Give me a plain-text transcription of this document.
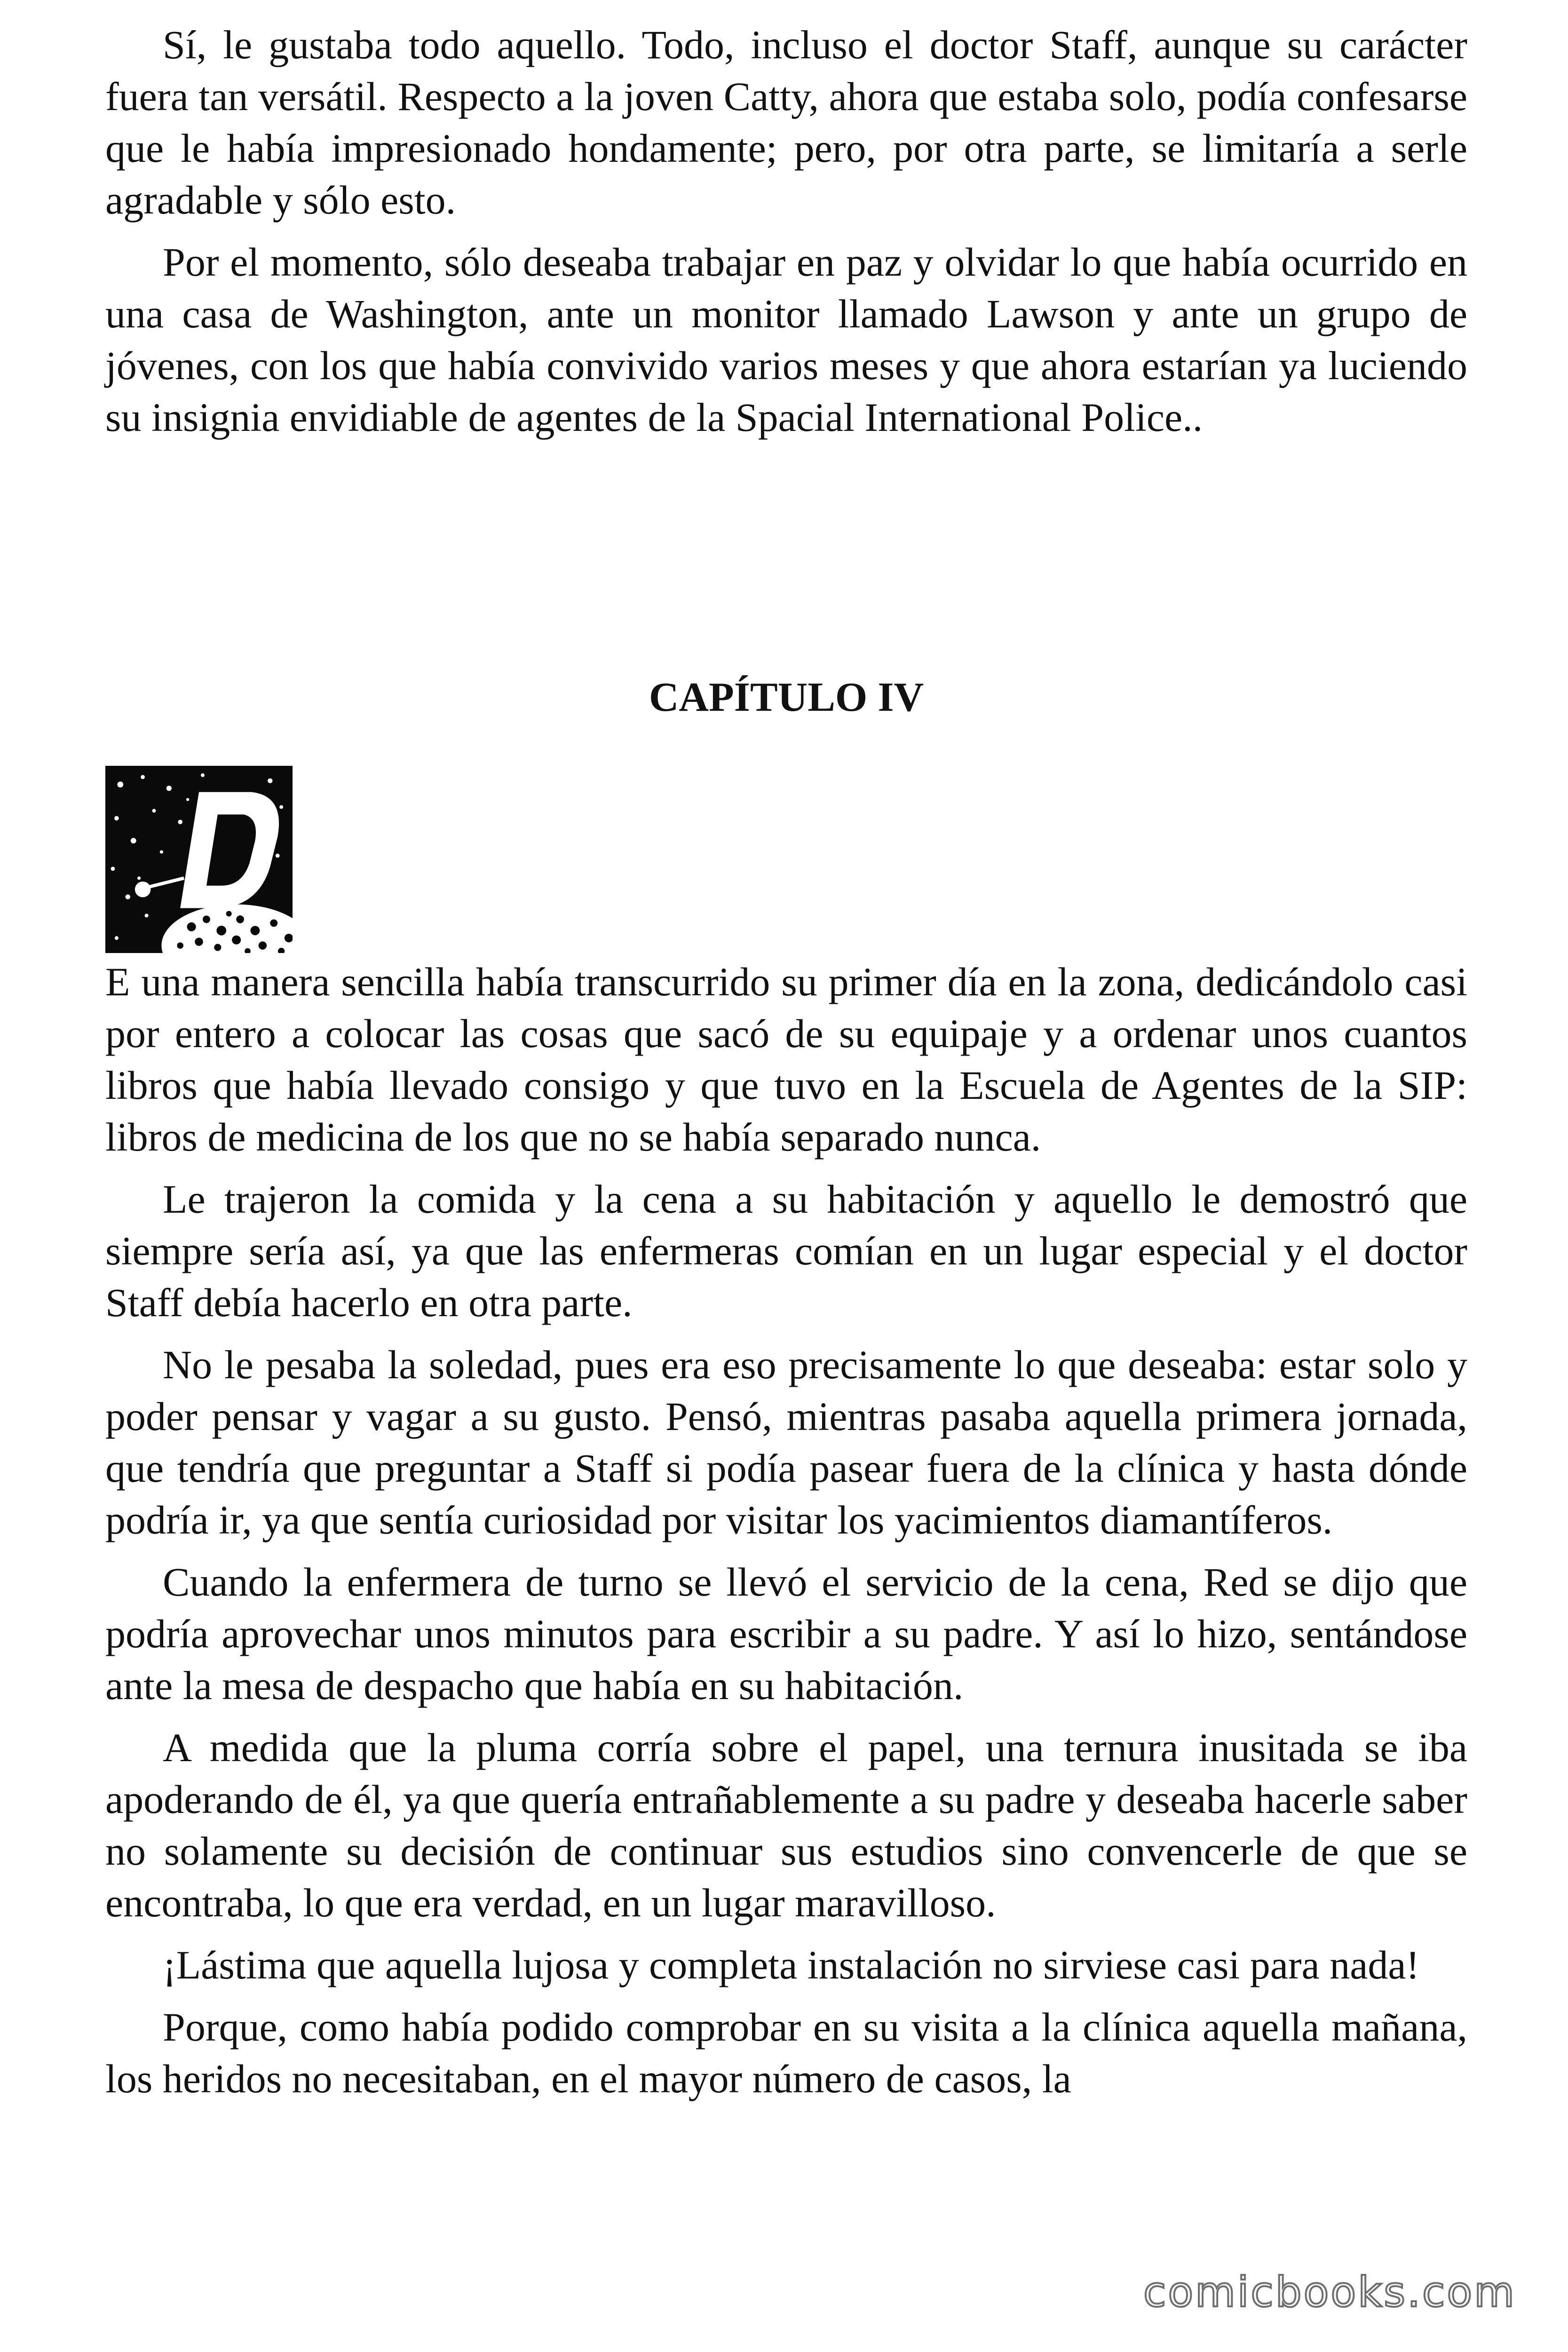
Sí, le gustaba todo aquello. Todo, incluso el doctor Staff, aunque su carácter fuera tan versátil. Respecto a la joven Catty, ahora que estaba solo, podía confesarse que le había impresionado hondamente; pero, por otra parte, se limitaría a serle agradable y sólo esto.

Por el momento, sólo deseaba trabajar en paz y olvidar lo que había ocurrido en una casa de Washington, ante un monitor llamado Lawson y ante un grupo de jóvenes, con los que había convivido varios meses y que ahora estarían ya luciendo su insignia envidiable de agentes de la Spacial International Police..

CAPÍTULO IV

E una manera sencilla había transcurrido su primer día en la zona, dedicándolo casi por entero a colocar las cosas que sacó de su equipaje y a ordenar unos cuantos libros que había llevado consigo y que tuvo en la Escuela de Agentes de la SIP: libros de medicina de los que no se había separado nunca.

Le trajeron la comida y la cena a su habitación y aquello le demostró que siempre sería así, ya que las enfermeras comían en un lugar especial y el doctor Staff debía hacerlo en otra parte.

No le pesaba la soledad, pues era eso precisamente lo que deseaba: estar solo y poder pensar y vagar a su gusto. Pensó, mientras pasaba aquella primera jornada, que tendría que preguntar a Staff si podía pasear fuera de la clínica y hasta dónde podría ir, ya que sentía curiosidad por visitar los yacimientos diamantíferos.

Cuando la enfermera de turno se llevó el servicio de la cena, Red se dijo que podría aprovechar unos minutos para escribir a su padre. Y así lo hizo, sentándose ante la mesa de despacho que había en su habitación.

A medida que la pluma corría sobre el papel, una ternura inusitada se iba apoderando de él, ya que quería entrañablemente a su padre y deseaba hacerle saber no solamente su decisión de continuar sus estudios sino convencerle de que se encontraba, lo que era verdad, en un lugar maravilloso.

¡Lástima que aquella lujosa y completa instalación no sirviese casi para nada!

Porque, como había podido comprobar en su visita a la clínica aquella mañana, los heridos no necesitaban, en el mayor número de casos, la

comicbooks.com
